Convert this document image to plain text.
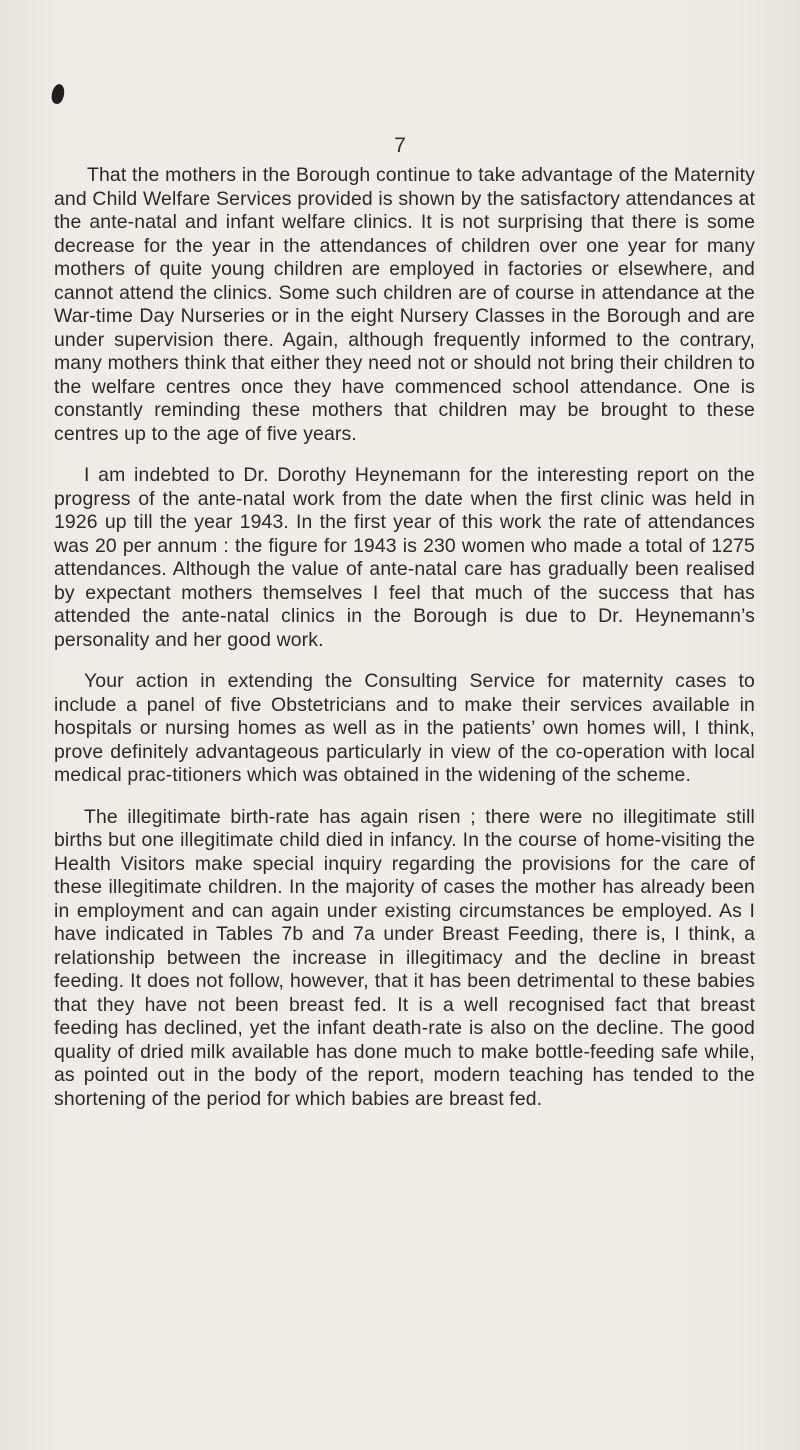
7

That the mothers in the Borough continue to take advantage of the Maternity and Child Welfare Services provided is shown by the satisfactory attendances at the ante-natal and infant welfare clinics. It is not surprising that there is some decrease for the year in the attendances of children over one year for many mothers of quite young children are employed in factories or elsewhere, and cannot attend the clinics. Some such children are of course in attendance at the War-time Day Nurseries or in the eight Nursery Classes in the Borough and are under supervision there. Again, although frequently informed to the contrary, many mothers think that either they need not or should not bring their children to the welfare centres once they have commenced school attendance. One is constantly reminding these mothers that children may be brought to these centres up to the age of five years.

I am indebted to Dr. Dorothy Heynemann for the interesting report on the progress of the ante-natal work from the date when the first clinic was held in 1926 up till the year 1943. In the first year of this work the rate of attendances was 20 per annum : the figure for 1943 is 230 women who made a total of 1275 attendances. Although the value of ante-natal care has gradually been realised by expectant mothers themselves I feel that much of the success that has attended the ante-natal clinics in the Borough is due to Dr. Heynemann’s personality and her good work.

Your action in extending the Consulting Service for maternity cases to include a panel of five Obstetricians and to make their services available in hospitals or nursing homes as well as in the patients’ own homes will, I think, prove definitely advantageous particularly in view of the co-operation with local medical prac-titioners which was obtained in the widening of the scheme.

The illegitimate birth-rate has again risen ; there were no illegitimate still births but one illegitimate child died in infancy. In the course of home-visiting the Health Visitors make special inquiry regarding the provisions for the care of these illegitimate children. In the majority of cases the mother has already been in employment and can again under existing circumstances be employed. As I have indicated in Tables 7b and 7a under Breast Feeding, there is, I think, a relationship between the increase in illegitimacy and the decline in breast feeding. It does not follow, however, that it has been detrimental to these babies that they have not been breast fed. It is a well recognised fact that breast feeding has declined, yet the infant death-rate is also on the decline. The good quality of dried milk available has done much to make bottle-feeding safe while, as pointed out in the body of the report, modern teaching has tended to the shortening of the period for which babies are breast fed.
